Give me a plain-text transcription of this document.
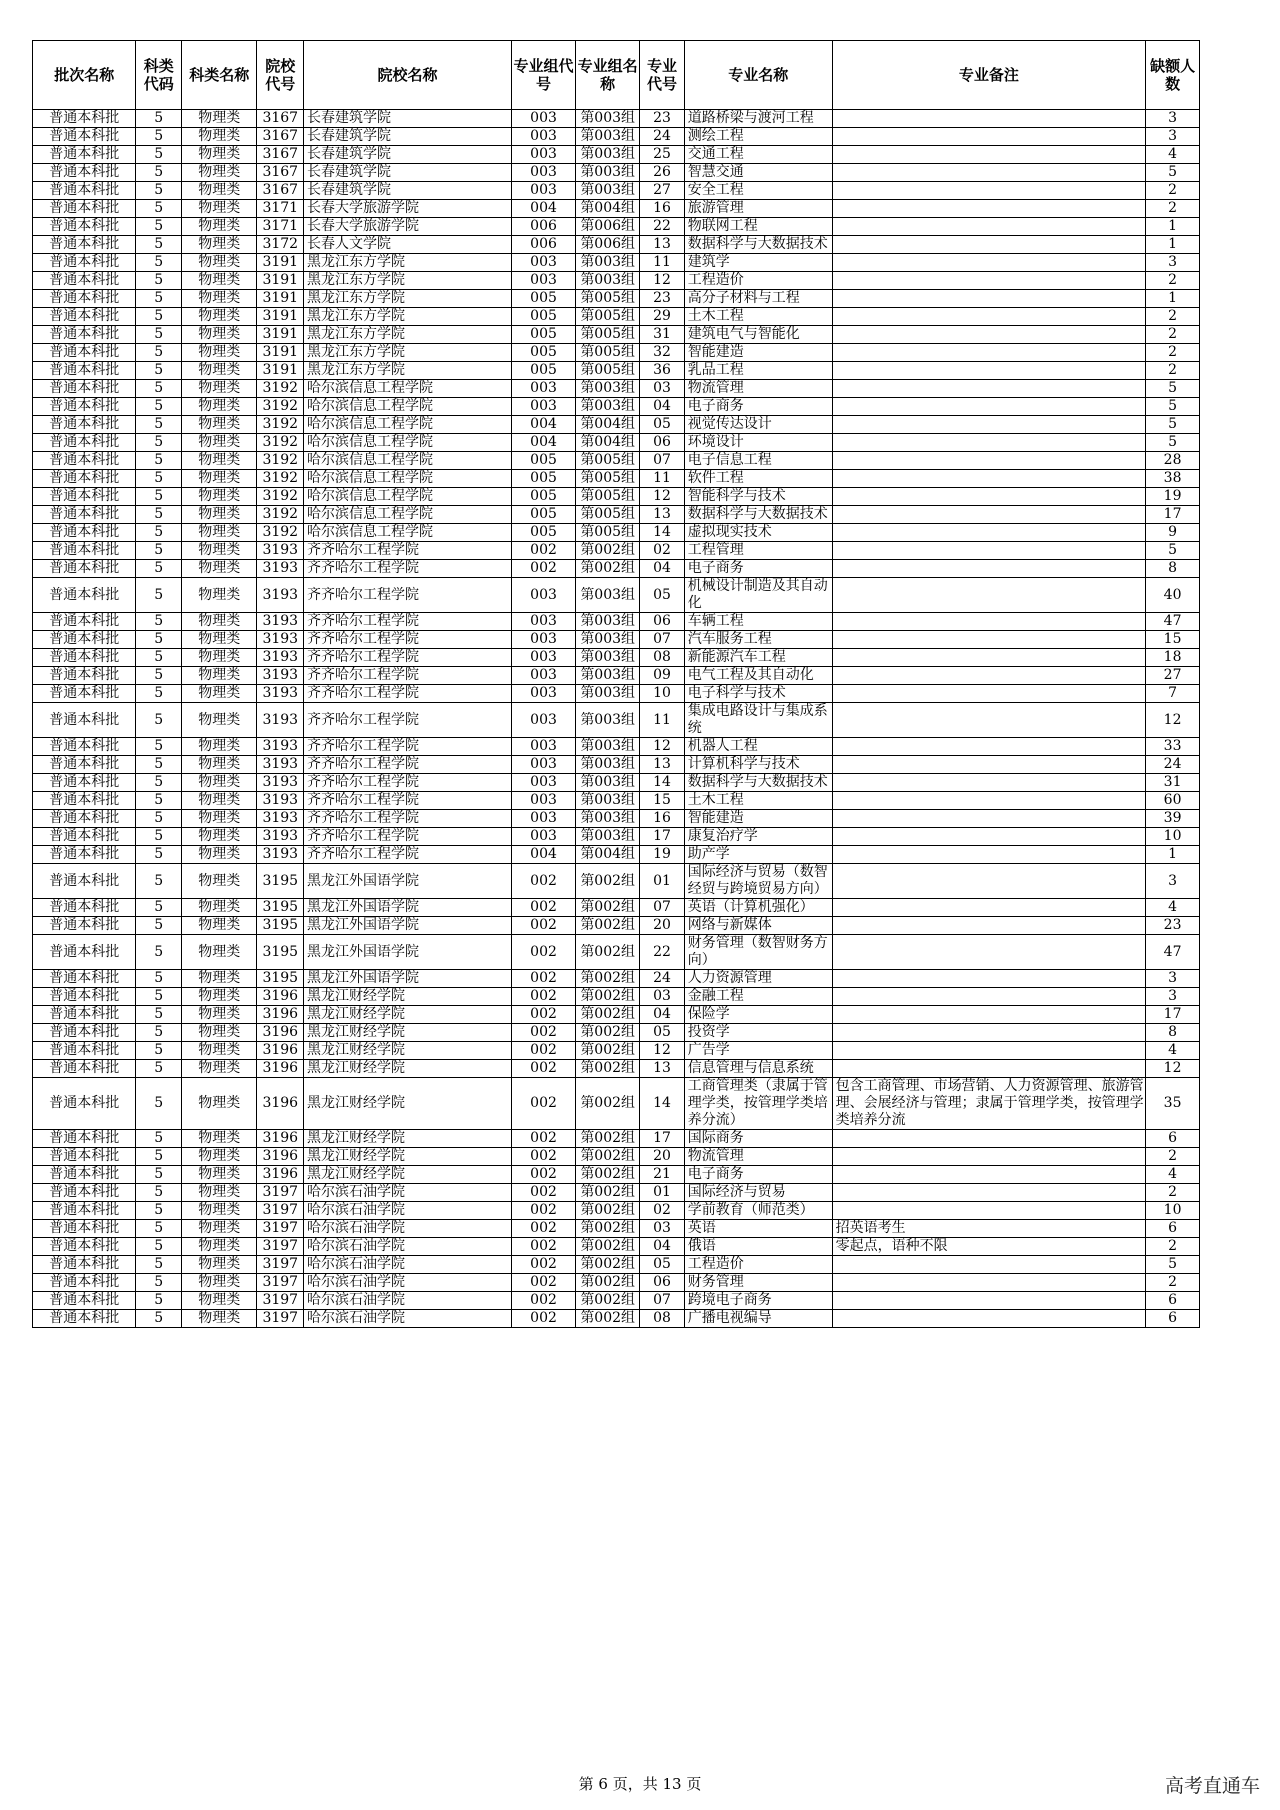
批次名称	科类代码	科类名称	院校代号	院校名称	专业组代号	专业组名称	专业代号	专业名称	专业备注	缺额人数
普通本科批	5	物理类	3167	长春建筑学院	003	第003组	23	道路桥梁与渡河工程		3
普通本科批	5	物理类	3167	长春建筑学院	003	第003组	24	测绘工程		3
普通本科批	5	物理类	3167	长春建筑学院	003	第003组	25	交通工程		4
普通本科批	5	物理类	3167	长春建筑学院	003	第003组	26	智慧交通		5
普通本科批	5	物理类	3167	长春建筑学院	003	第003组	27	安全工程		2
普通本科批	5	物理类	3171	长春大学旅游学院	004	第004组	16	旅游管理		2
普通本科批	5	物理类	3171	长春大学旅游学院	006	第006组	22	物联网工程		1
普通本科批	5	物理类	3172	长春人文学院	006	第006组	13	数据科学与大数据技术		1
普通本科批	5	物理类	3191	黑龙江东方学院	003	第003组	11	建筑学		3
普通本科批	5	物理类	3191	黑龙江东方学院	003	第003组	12	工程造价		2
普通本科批	5	物理类	3191	黑龙江东方学院	005	第005组	23	高分子材料与工程		1
普通本科批	5	物理类	3191	黑龙江东方学院	005	第005组	29	土木工程		2
普通本科批	5	物理类	3191	黑龙江东方学院	005	第005组	31	建筑电气与智能化		2
普通本科批	5	物理类	3191	黑龙江东方学院	005	第005组	32	智能建造		2
普通本科批	5	物理类	3191	黑龙江东方学院	005	第005组	36	乳品工程		2
普通本科批	5	物理类	3192	哈尔滨信息工程学院	003	第003组	03	物流管理		5
普通本科批	5	物理类	3192	哈尔滨信息工程学院	003	第003组	04	电子商务		5
普通本科批	5	物理类	3192	哈尔滨信息工程学院	004	第004组	05	视觉传达设计		5
普通本科批	5	物理类	3192	哈尔滨信息工程学院	004	第004组	06	环境设计		5
普通本科批	5	物理类	3192	哈尔滨信息工程学院	005	第005组	07	电子信息工程		28
普通本科批	5	物理类	3192	哈尔滨信息工程学院	005	第005组	11	软件工程		38
普通本科批	5	物理类	3192	哈尔滨信息工程学院	005	第005组	12	智能科学与技术		19
普通本科批	5	物理类	3192	哈尔滨信息工程学院	005	第005组	13	数据科学与大数据技术		17
普通本科批	5	物理类	3192	哈尔滨信息工程学院	005	第005组	14	虚拟现实技术		9
普通本科批	5	物理类	3193	齐齐哈尔工程学院	002	第002组	02	工程管理		5
普通本科批	5	物理类	3193	齐齐哈尔工程学院	002	第002组	04	电子商务		8
普通本科批	5	物理类	3193	齐齐哈尔工程学院	003	第003组	05	机械设计制造及其自动化		40
普通本科批	5	物理类	3193	齐齐哈尔工程学院	003	第003组	06	车辆工程		47
普通本科批	5	物理类	3193	齐齐哈尔工程学院	003	第003组	07	汽车服务工程		15
普通本科批	5	物理类	3193	齐齐哈尔工程学院	003	第003组	08	新能源汽车工程		18
普通本科批	5	物理类	3193	齐齐哈尔工程学院	003	第003组	09	电气工程及其自动化		27
普通本科批	5	物理类	3193	齐齐哈尔工程学院	003	第003组	10	电子科学与技术		7
普通本科批	5	物理类	3193	齐齐哈尔工程学院	003	第003组	11	集成电路设计与集成系统		12
普通本科批	5	物理类	3193	齐齐哈尔工程学院	003	第003组	12	机器人工程		33
普通本科批	5	物理类	3193	齐齐哈尔工程学院	003	第003组	13	计算机科学与技术		24
普通本科批	5	物理类	3193	齐齐哈尔工程学院	003	第003组	14	数据科学与大数据技术		31
普通本科批	5	物理类	3193	齐齐哈尔工程学院	003	第003组	15	土木工程		60
普通本科批	5	物理类	3193	齐齐哈尔工程学院	003	第003组	16	智能建造		39
普通本科批	5	物理类	3193	齐齐哈尔工程学院	003	第003组	17	康复治疗学		10
普通本科批	5	物理类	3193	齐齐哈尔工程学院	004	第004组	19	助产学		1
普通本科批	5	物理类	3195	黑龙江外国语学院	002	第002组	01	国际经济与贸易（数智经贸与跨境贸易方向）		3
普通本科批	5	物理类	3195	黑龙江外国语学院	002	第002组	07	英语（计算机强化）		4
普通本科批	5	物理类	3195	黑龙江外国语学院	002	第002组	20	网络与新媒体		23
普通本科批	5	物理类	3195	黑龙江外国语学院	002	第002组	22	财务管理（数智财务方向）		47
普通本科批	5	物理类	3195	黑龙江外国语学院	002	第002组	24	人力资源管理		3
普通本科批	5	物理类	3196	黑龙江财经学院	002	第002组	03	金融工程		3
普通本科批	5	物理类	3196	黑龙江财经学院	002	第002组	04	保险学		17
普通本科批	5	物理类	3196	黑龙江财经学院	002	第002组	05	投资学		8
普通本科批	5	物理类	3196	黑龙江财经学院	002	第002组	12	广告学		4
普通本科批	5	物理类	3196	黑龙江财经学院	002	第002组	13	信息管理与信息系统		12
普通本科批	5	物理类	3196	黑龙江财经学院	002	第002组	14	工商管理类（隶属于管理学类，按管理学类培养分流）	包含工商管理、市场营销、人力资源管理、旅游管理、会展经济与管理；隶属于管理学类，按管理学类培养分流	35
普通本科批	5	物理类	3196	黑龙江财经学院	002	第002组	17	国际商务		6
普通本科批	5	物理类	3196	黑龙江财经学院	002	第002组	20	物流管理		2
普通本科批	5	物理类	3196	黑龙江财经学院	002	第002组	21	电子商务		4
普通本科批	5	物理类	3197	哈尔滨石油学院	002	第002组	01	国际经济与贸易		2
普通本科批	5	物理类	3197	哈尔滨石油学院	002	第002组	02	学前教育（师范类）		10
普通本科批	5	物理类	3197	哈尔滨石油学院	002	第002组	03	英语	招英语考生	6
普通本科批	5	物理类	3197	哈尔滨石油学院	002	第002组	04	俄语	零起点，语种不限	2
普通本科批	5	物理类	3197	哈尔滨石油学院	002	第002组	05	工程造价		5
普通本科批	5	物理类	3197	哈尔滨石油学院	002	第002组	06	财务管理		2
普通本科批	5	物理类	3197	哈尔滨石油学院	002	第002组	07	跨境电子商务		6
普通本科批	5	物理类	3197	哈尔滨石油学院	002	第002组	08	广播电视编导		6
第 6 页，共 13 页	高考直通车
